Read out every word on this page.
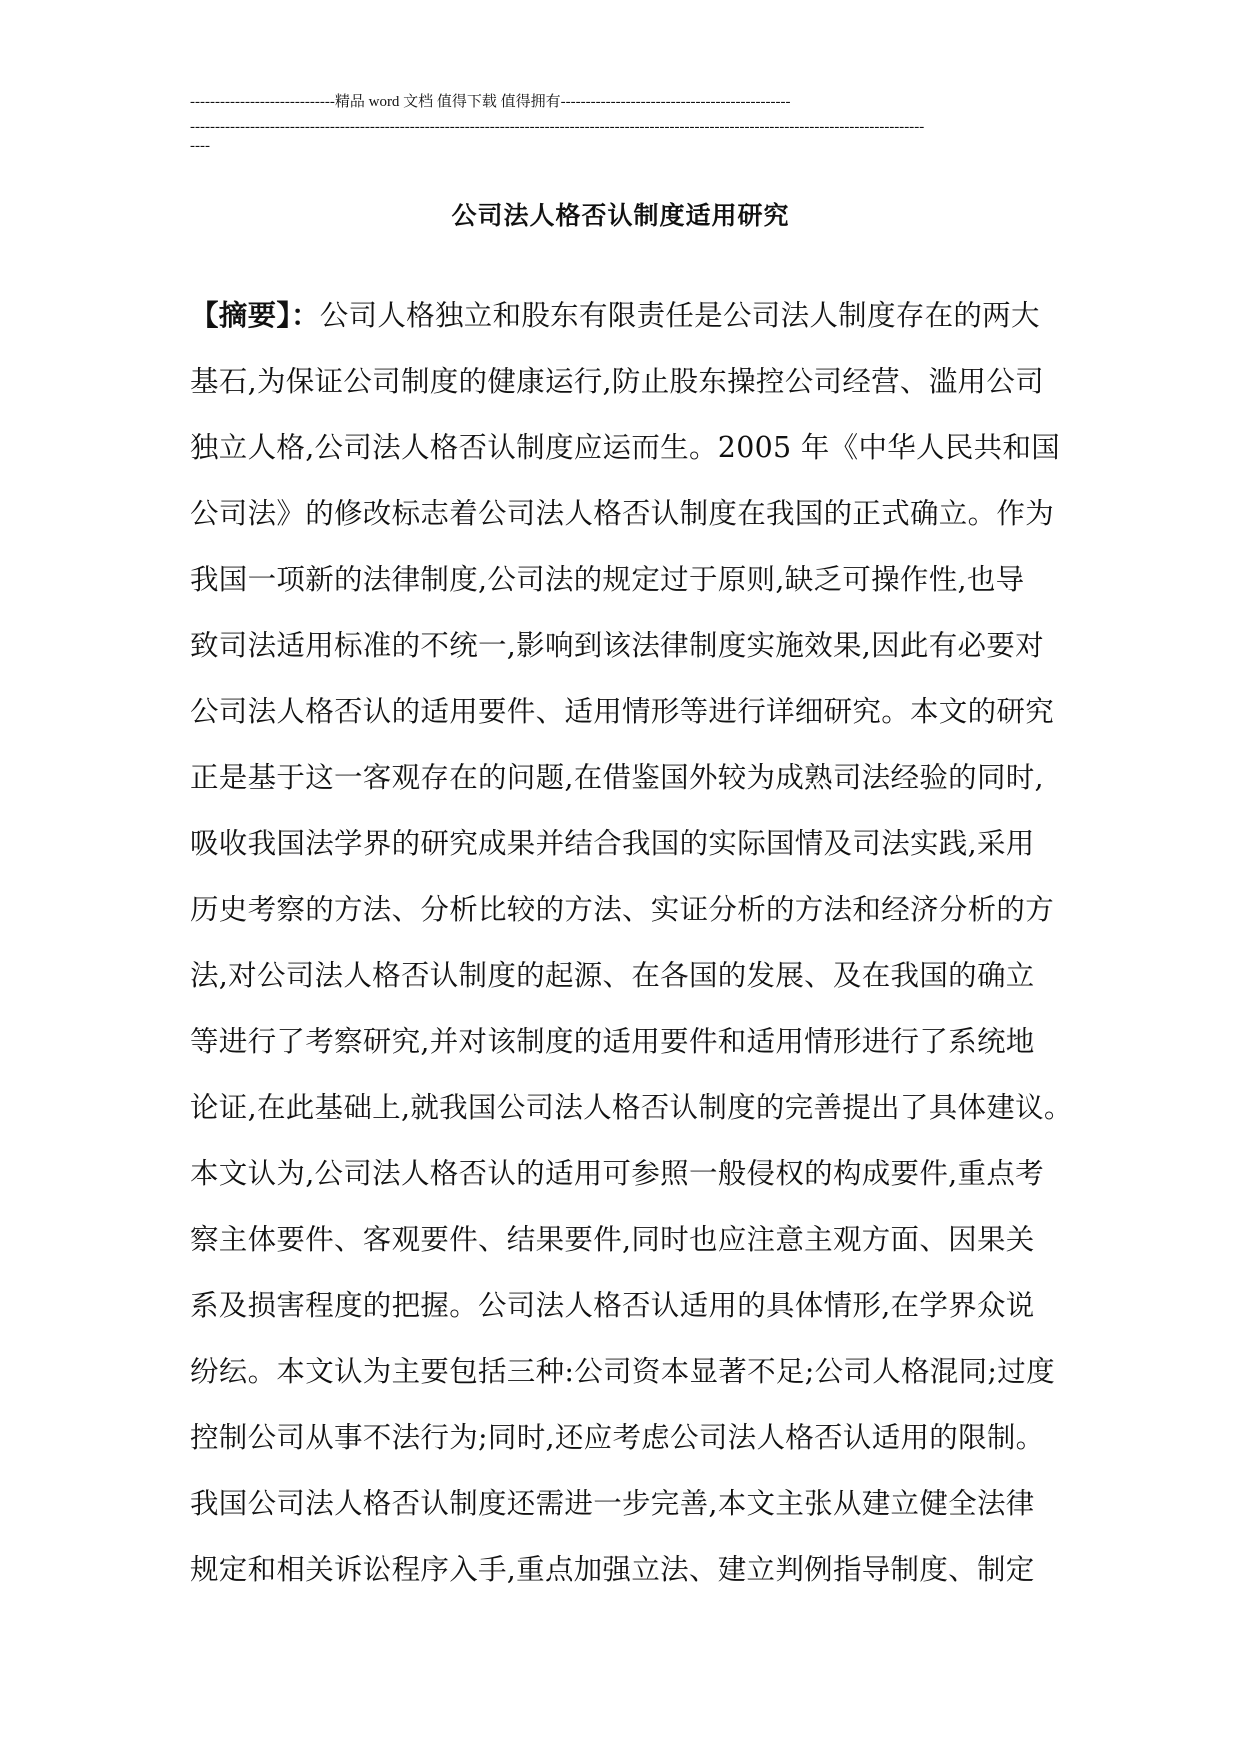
-----------------------------精品 word 文档 值得下载 值得拥有----------------------------------------------
---------------------------------------------------------------------------------------------------------------------------------------------------
----
公司法人格否认制度适用研究
【摘要】：公司人格独立和股东有限责任是公司法人制度存在的两大
基石,为保证公司制度的健康运行,防止股东操控公司经营、滥用公司
独立人格,公司法人格否认制度应运而生。2005 年《中华人民共和国
公司法》的修改标志着公司法人格否认制度在我国的正式确立。作为
我国一项新的法律制度,公司法的规定过于原则,缺乏可操作性,也导
致司法适用标准的不统一,影响到该法律制度实施效果,因此有必要对
公司法人格否认的适用要件、适用情形等进行详细研究。本文的研究
正是基于这一客观存在的问题,在借鉴国外较为成熟司法经验的同时,
吸收我国法学界的研究成果并结合我国的实际国情及司法实践,采用
历史考察的方法、分析比较的方法、实证分析的方法和经济分析的方
法,对公司法人格否认制度的起源、在各国的发展、及在我国的确立
等进行了考察研究,并对该制度的适用要件和适用情形进行了系统地
论证,在此基础上,就我国公司法人格否认制度的完善提出了具体建议。
本文认为,公司法人格否认的适用可参照一般侵权的构成要件,重点考
察主体要件、客观要件、结果要件,同时也应注意主观方面、因果关
系及损害程度的把握。公司法人格否认适用的具体情形,在学界众说
纷纭。本文认为主要包括三种:公司资本显著不足;公司人格混同;过度
控制公司从事不法行为;同时,还应考虑公司法人格否认适用的限制。
我国公司法人格否认制度还需进一步完善,本文主张从建立健全法律
规定和相关诉讼程序入手,重点加强立法、建立判例指导制度、制定
